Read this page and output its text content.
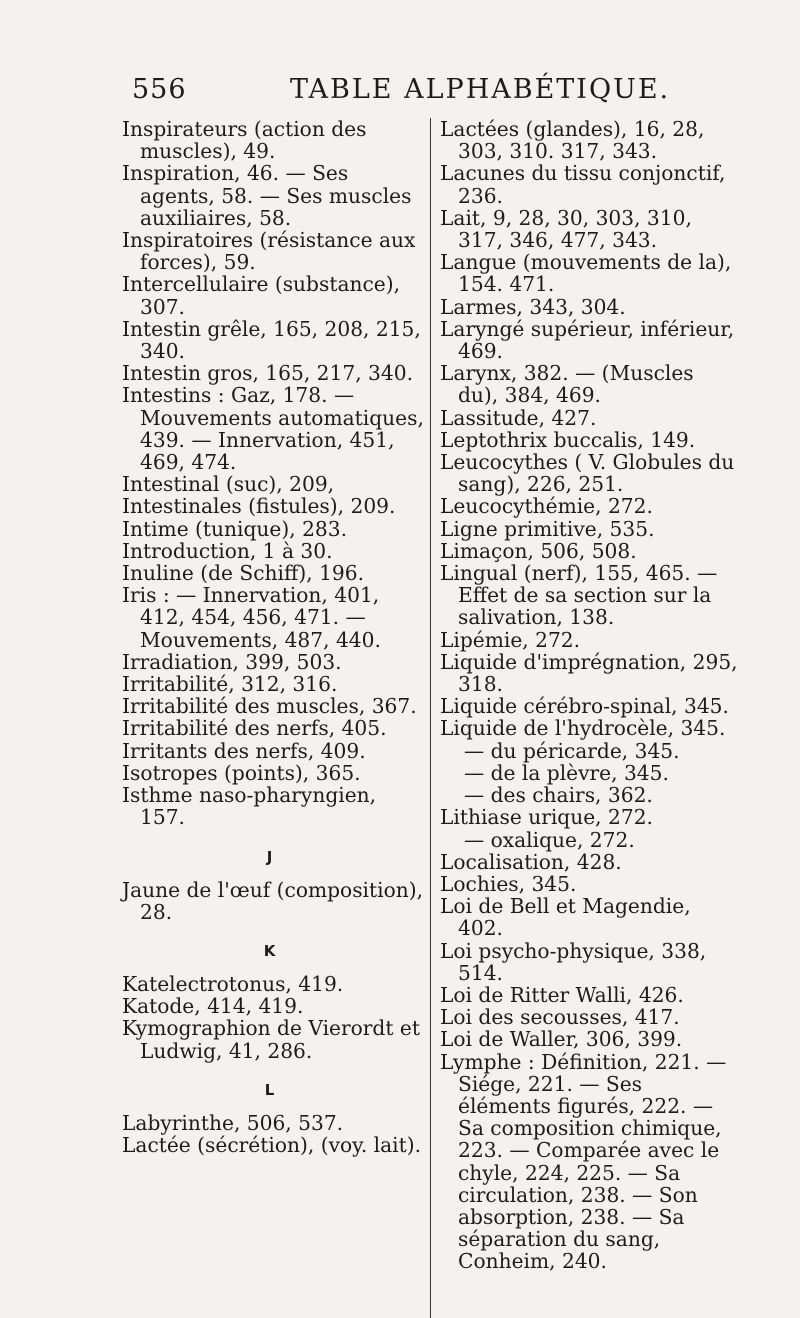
556	TABLE ALPHABÉTIQUE.
Inspirateurs (action des muscles), 49.
Inspiration, 46. — Ses agents, 58. — Ses muscles auxiliaires, 58.
Inspiratoires (résistance aux forces), 59.
Intercellulaire (substance), 307.
Intestin grêle, 165, 208, 215, 340.
Intestin gros, 165, 217, 340.
Intestins : Gaz, 178. — Mouvements automatiques, 439. — Innervation, 451, 469, 474.
Intestinal (suc), 209,
Intestinales (fistules), 209.
Intime (tunique), 283.
Introduction, 1 à 30.
Inuline (de Schiff), 196.
Iris : — Innervation, 401, 412, 454, 456, 471. — Mouvements, 487, 440.
Irradiation, 399, 503.
Irritabilité, 312, 316.
Irritabilité des muscles, 367.
Irritabilité des nerfs, 405.
Irritants des nerfs, 409.
Isotropes (points), 365.
Isthme naso-pharyngien, 157.
J
Jaune de l'œuf (composition), 28.
K
Katelectrotonus, 419.
Katode, 414, 419.
Kymographion de Vierordt et Ludwig, 41, 286.
L
Labyrinthe, 506, 537.
Lactée (sécrétion), (voy. lait).
Lactées (glandes), 16, 28, 303, 310. 317, 343.
Lacunes du tissu conjonctif, 236.
Lait, 9, 28, 30, 303, 310, 317, 346, 477, 343.
Langue (mouvements de la), 154. 471.
Larmes, 343, 304.
Laryngé supérieur, inférieur, 469.
Larynx, 382. — (Muscles du), 384, 469.
Lassitude, 427.
Leptothrix buccalis, 149.
Leucocythes ( V. Globules du sang), 226, 251.
Leucocythémie, 272.
Ligne primitive, 535.
Limaçon, 506, 508.
Lingual (nerf), 155, 465. — Effet de sa section sur la salivation, 138.
Lipémie, 272.
Liquide d'imprégnation, 295, 318.
Liquide cérébro-spinal, 345.
Liquide de l'hydrocèle, 345.
— du péricarde, 345.
— de la plèvre, 345.
— des chairs, 362.
Lithiase urique, 272.
— oxalique, 272.
Localisation, 428.
Lochies, 345.
Loi de Bell et Magendie, 402.
Loi psycho-physique, 338, 514.
Loi de Ritter Walli, 426.
Loi des secousses, 417.
Loi de Waller, 306, 399.
Lymphe : Définition, 221. — Siége, 221. — Ses éléments figurés, 222. — Sa composition chimique, 223. — Comparée avec le chyle, 224, 225. — Sa circulation, 238. — Son absorption, 238. — Sa séparation du sang, Conheim, 240.
